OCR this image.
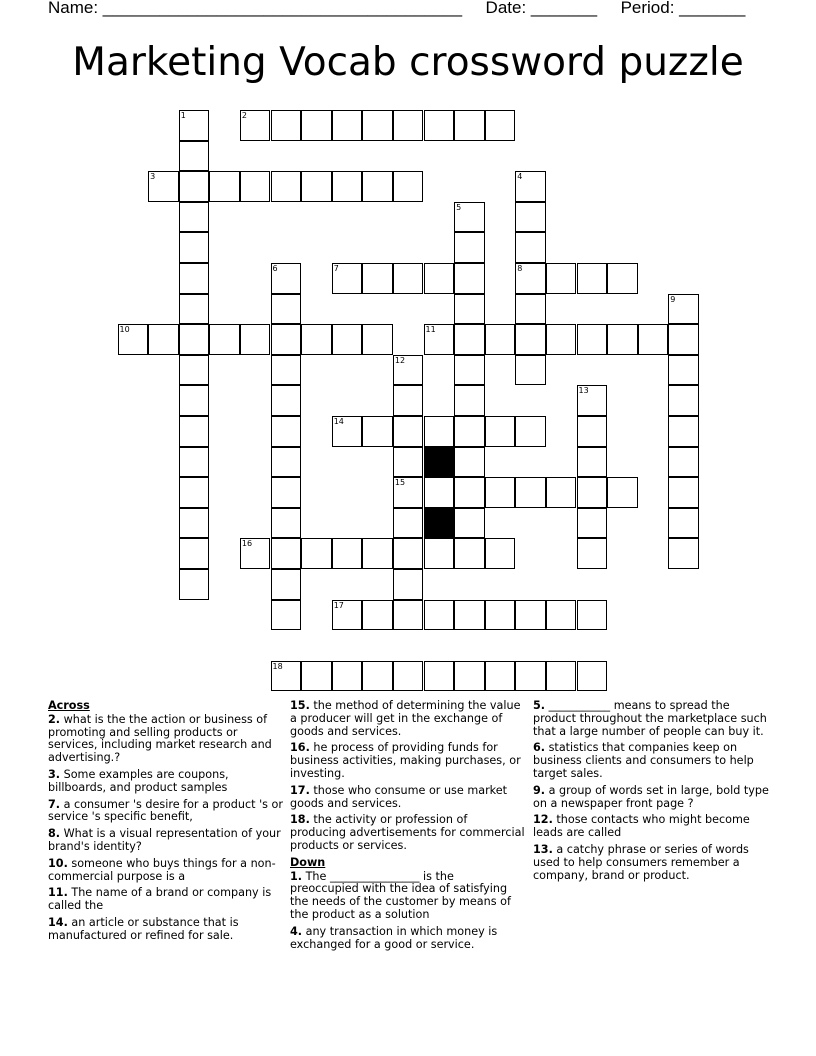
Name: ______________________________________ Date: _______ Period: _______
Marketing Vocab crossword puzzle
2
3
7	8
10	11
14
15
16
17
18
1
4
5
6
9
12
13
Across
2. what is the the action or business of promoting and selling products or services, including market research and advertising.?
3. Some examples are coupons, billboards, and product samples
7. a consumer 's desire for a product 's or service 's specific benefit,
8. What is a visual representation of your brand's identity?
10. someone who buys things for a non-commercial purpose is a
11. The name of a brand or company is called the
14. an article or substance that is manufactured or refined for sale.
15. the method of determining the value a producer will get in the exchange of goods and services.
16. he process of providing funds for business activities, making purchases, or investing.
17. those who consume or use market goods and services.
18. the activity or profession of producing advertisements for commercial products or services.
Down
1. The ________________ is the preoccupied with the idea of satisfying the needs of the customer by means of the product as a solution
4. any transaction in which money is exchanged for a good or service.
5. ___________ means to spread the product throughout the marketplace such that a large number of people can buy it.
6. statistics that companies keep on business clients and consumers to help target sales.
9. a group of words set in large, bold type on a newspaper front page ?
12. those contacts who might become leads are called
13. a catchy phrase or series of words used to help consumers remember a company, brand or product.
